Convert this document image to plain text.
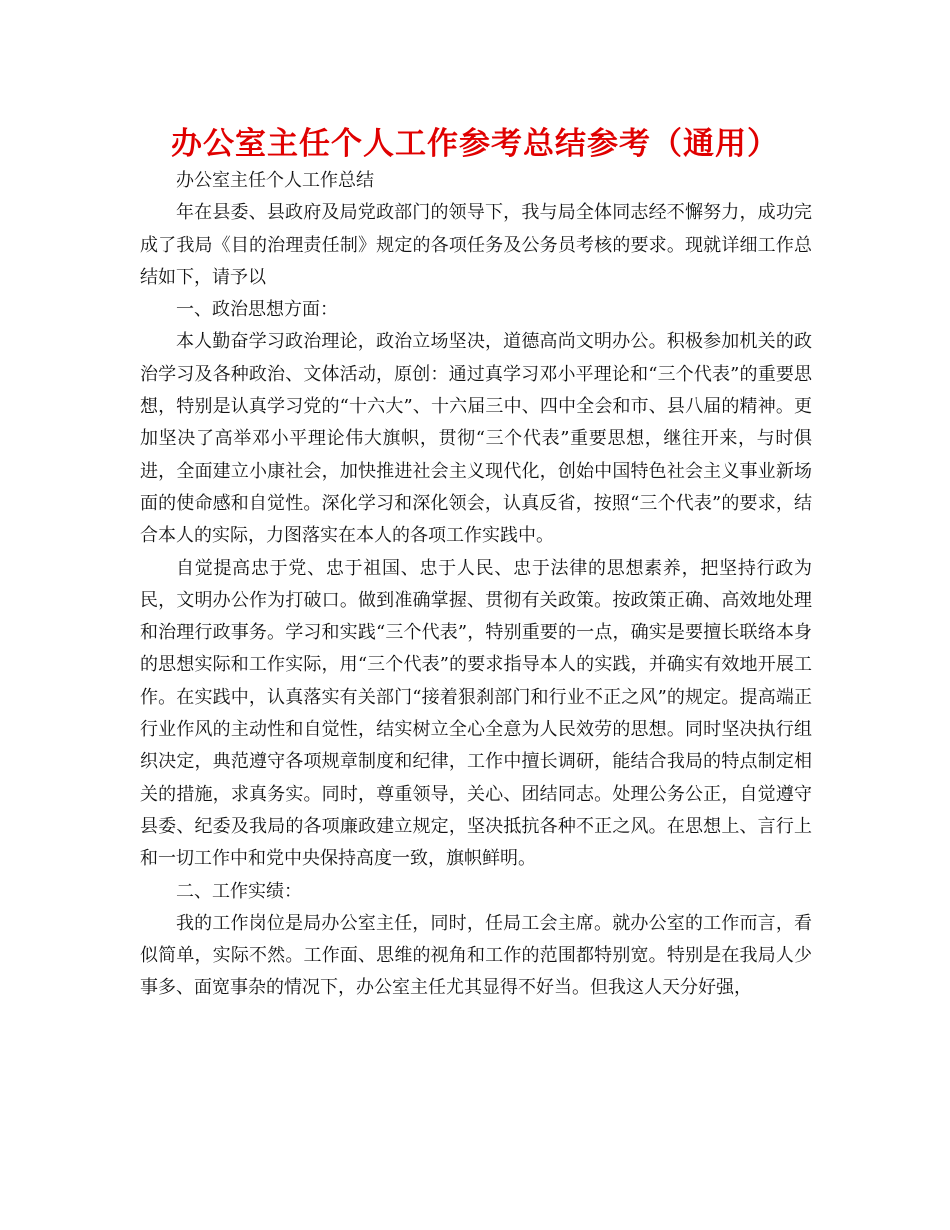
办公室主任个人工作参考总结参考（通用）

办公室主任个人工作总结

年在县委、县政府及局党政部门的领导下，我与局全体同志经不懈努力，成功完成了我局《目的治理责任制》规定的各项任务及公务员考核的要求。现就详细工作总结如下，请予以

一、政治思想方面：

本人勤奋学习政治理论，政治立场坚决，道德高尚文明办公。积极参加机关的政治学习及各种政治、文体活动，原创：通过真学习邓小平理论和“三个代表”的重要思想，特别是认真学习党的“十六大”、十六届三中、四中全会和市、县八届的精神。更加坚决了高举邓小平理论伟大旗帜，贯彻“三个代表”重要思想，继往开来，与时俱进，全面建立小康社会，加快推进社会主义现代化，创始中国特色社会主义事业新场面的使命感和自觉性。深化学习和深化领会，认真反省，按照“三个代表”的要求，结合本人的实际，力图落实在本人的各项工作实践中。

自觉提高忠于党、忠于祖国、忠于人民、忠于法律的思想素养，把坚持行政为民，文明办公作为打破口。做到准确掌握、贯彻有关政策。按政策正确、高效地处理和治理行政事务。学习和实践“三个代表”，特别重要的一点，确实是要擅长联络本身的思想实际和工作实际，用“三个代表”的要求指导本人的实践，并确实有效地开展工作。在实践中，认真落实有关部门“接着狠刹部门和行业不正之风”的规定。提高端正行业作风的主动性和自觉性，结实树立全心全意为人民效劳的思想。同时坚决执行组织决定，典范遵守各项规章制度和纪律，工作中擅长调研，能结合我局的特点制定相关的措施，求真务实。同时，尊重领导，关心、团结同志。处理公务公正，自觉遵守县委、纪委及我局的各项廉政建立规定，坚决抵抗各种不正之风。在思想上、言行上和一切工作中和党中央保持高度一致，旗帜鲜明。

二、工作实绩：

我的工作岗位是局办公室主任，同时，任局工会主席。就办公室的工作而言，看似简单，实际不然。工作面、思维的视角和工作的范围都特别宽。特别是在我局人少事多、面宽事杂的情况下，办公室主任尤其显得不好当。但我这人天分好强，
